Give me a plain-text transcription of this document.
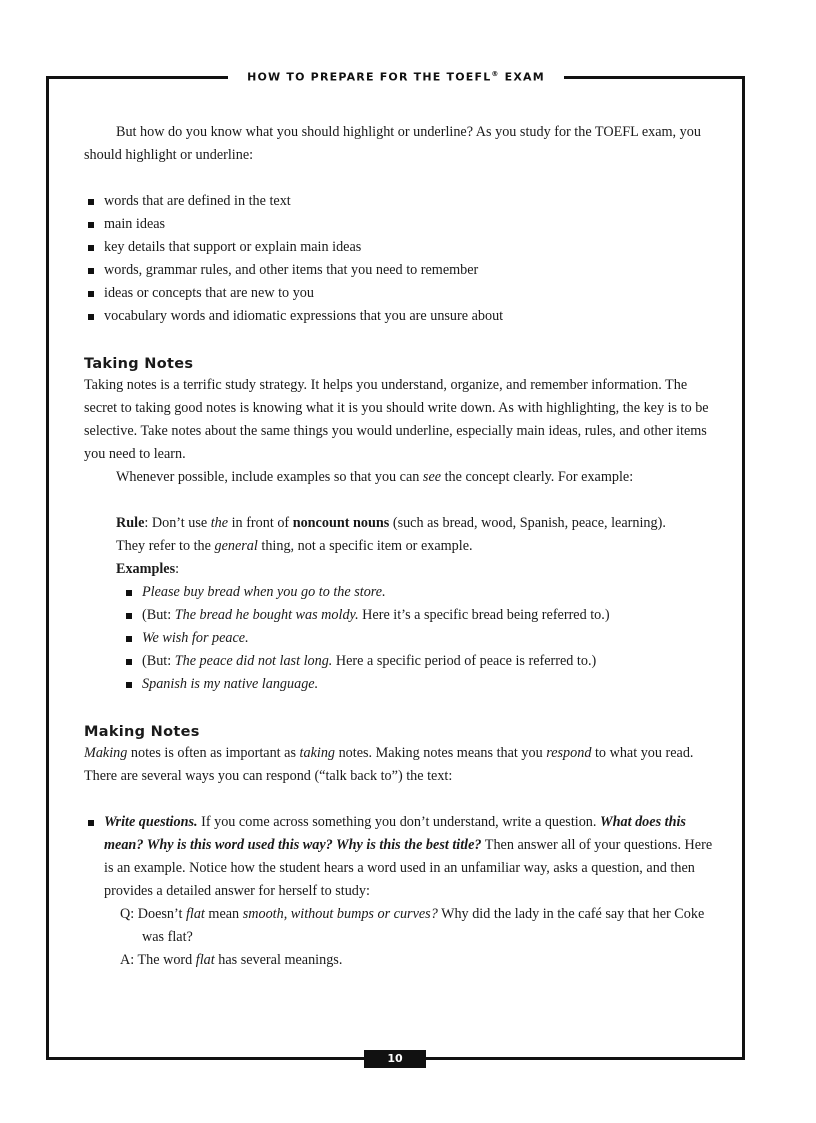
HOW TO PREPARE FOR THE TOEFL® EXAM
10

But how do you know what you should highlight or underline? As you study for the TOEFL exam, you should highlight or underline:

words that are defined in the text
main ideas
key details that support or explain main ideas
words, grammar rules, and other items that you need to remember
ideas or concepts that are new to you
vocabulary words and idiomatic expressions that you are unsure about
Taking Notes

Taking notes is a terrific study strategy. It helps you understand, organize, and remember information. The secret to taking good notes is knowing what it is you should write down. As with highlighting, the key is to be selective. Take notes about the same things you would underline, especially main ideas, rules, and other items you need to learn.

Whenever possible, include examples so that you can see the concept clearly. For example:

Rule: Don’t use the in front of noncount nouns (such as bread, wood, Spanish, peace, learning).

They refer to the general thing, not a specific item or example.

Examples:

Please buy bread when you go to the store.
(But: The bread he bought was moldy. Here it’s a specific bread being referred to.)
We wish for peace.
(But: The peace did not last long. Here a specific period of peace is referred to.)
Spanish is my native language.
Making Notes

Making notes is often as important as taking notes. Making notes means that you respond to what you read. There are several ways you can respond (“talk back to”) the text:

Write questions. If you come across something you don’t understand, write a question. What does this mean? Why is this word used this way? Why is this the best title? Then answer all of your questions. Here is an example. Notice how the student hears a word used in an unfamiliar way, asks a question, and then provides a detailed answer for herself to study:

Q: Doesn’t flat mean smooth, without bumps or curves? Why did the lady in the café say that her Coke was flat?

A: The word flat has several meanings.
